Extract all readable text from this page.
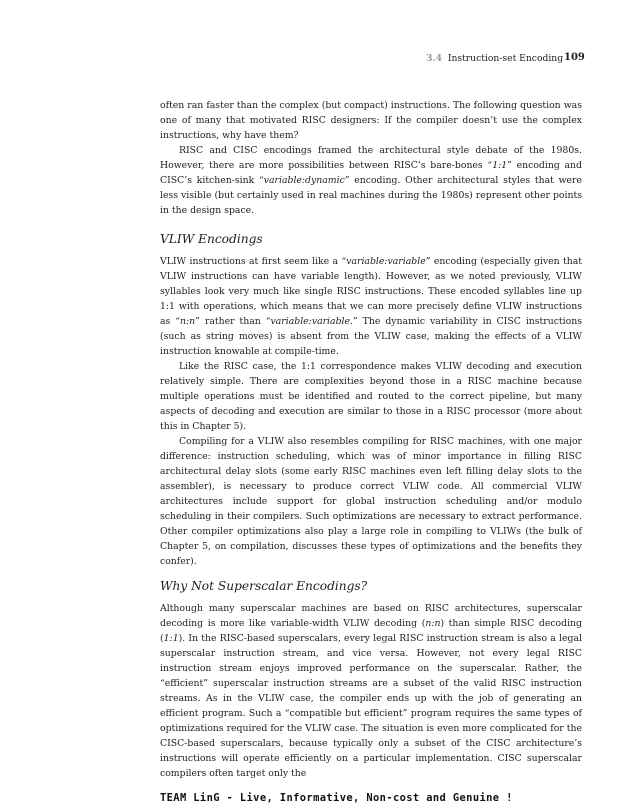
3.4 Instruction-set Encoding 109

often ran faster than the complex (but compact) instructions. The following question was one of many that motivated RISC designers: If the compiler doesn’t use the complex instructions, why have them?

RISC and CISC encodings framed the architectural style debate of the 1980s. However, there are more possibilities between RISC’s bare-bones “1:1” encoding and CISC’s kitchen-sink “variable:dynamic” encoding. Other architectural styles that were less visible (but certainly used in real machines during the 1980s) represent other points in the design space.

VLIW Encodings

VLIW instructions at first seem like a “variable:variable” encoding (especially given that VLIW instructions can have variable length). However, as we noted previously, VLIW syllables look very much like single RISC instructions. These encoded syllables line up 1:1 with operations, which means that we can more precisely define VLIW instructions as “n:n” rather than “variable:variable.” The dynamic variability in CISC instructions (such as string moves) is absent from the VLIW case, making the effects of a VLIW instruction knowable at compile-time.

Like the RISC case, the 1:1 correspondence makes VLIW decoding and execution relatively simple. There are complexities beyond those in a RISC machine because multiple operations must be identified and routed to the correct pipeline, but many aspects of decoding and execution are similar to those in a RISC processor (more about this in Chapter 5).

Compiling for a VLIW also resembles compiling for RISC machines, with one major difference: instruction scheduling, which was of minor importance in filling RISC architectural delay slots (some early RISC machines even left filling delay slots to the assembler), is necessary to produce correct VLIW code. All commercial VLIW architectures include support for global instruction scheduling and/or modulo scheduling in their compilers. Such optimizations are necessary to extract performance. Other compiler optimizations also play a large role in compiling to VLIWs (the bulk of Chapter 5, on compilation, discusses these types of optimizations and the benefits they confer).

Why Not Superscalar Encodings?

Although many superscalar machines are based on RISC architectures, superscalar decoding is more like variable-width VLIW decoding (n:n) than simple RISC decoding (1:1). In the RISC-based superscalars, every legal RISC instruction stream is also a legal superscalar instruction stream, and vice versa. However, not every legal RISC instruction stream enjoys improved performance on the superscalar. Rather, the “efficient” superscalar instruction streams are a subset of the valid RISC instruction streams. As in the VLIW case, the compiler ends up with the job of generating an efficient program. Such a “compatible but efficient” program requires the same types of optimizations required for the VLIW case. The situation is even more complicated for the CISC-based superscalars, because typically only a subset of the CISC architecture’s instructions will operate efficiently on a particular implementation. CISC superscalar compilers often target only the

TEAM LinG - Live, Informative, Non-cost and Genuine !
